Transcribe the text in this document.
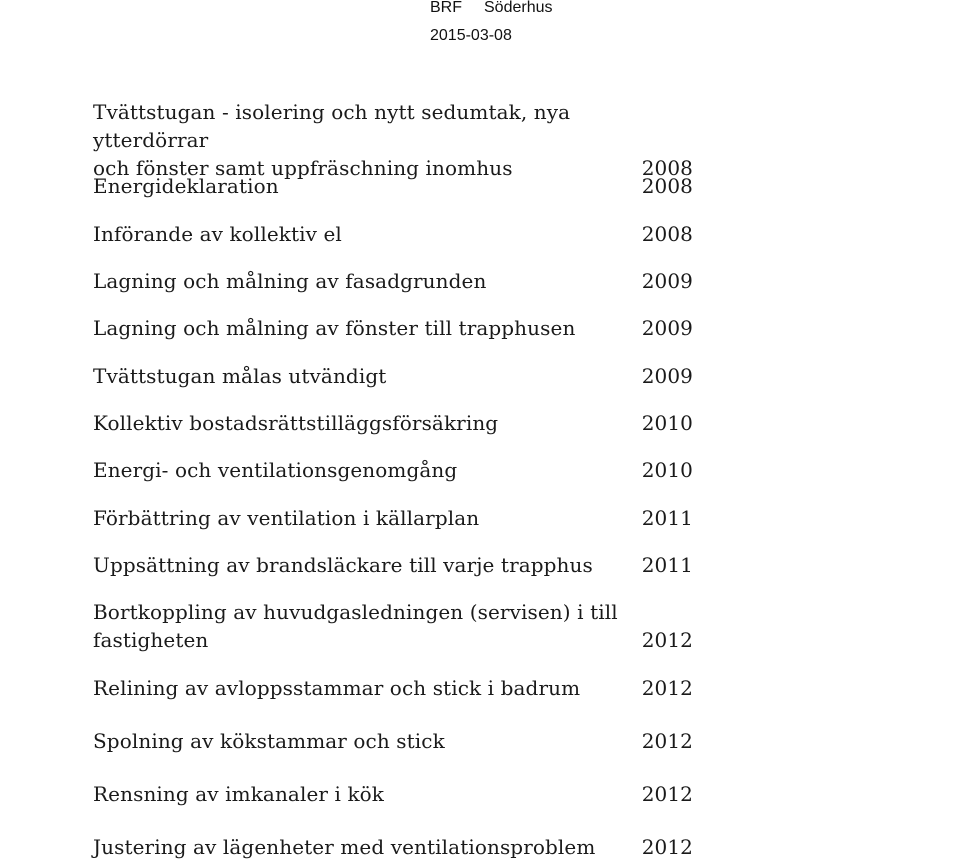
BRF Söderhus
2015-03-08
Tvättstugan - isolering och nytt sedumtak, nya ytterdörrar
och fönster samt uppfräschning inomhus	2008
Energideklaration	2008
Införande av kollektiv el	2008
Lagning och målning av fasadgrunden	2009
Lagning och målning av fönster till trapphusen	2009
Tvättstugan målas utvändigt	2009
Kollektiv bostadsrättstilläggsförsäkring	2010
Energi- och ventilationsgenomgång	2010
Förbättring av ventilation i källarplan	2011
Uppsättning av brandsläckare till varje trapphus	2011
Bortkoppling av huvudgasledningen (servisen) i till
fastigheten	2012
Relining av avloppsstammar och stick i badrum	2012
Spolning av kökstammar och stick	2012
Rensning av imkanaler i kök	2012
Justering av lägenheter med ventilationsproblem	2012
